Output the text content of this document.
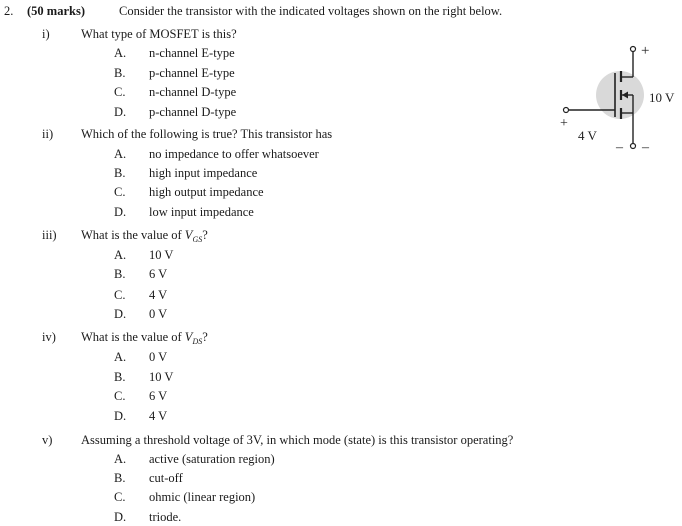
2. (50 marks)	Consider the transistor with the indicated voltages shown on the right below.
i)	What type of MOSFET is this?
A. n-channel E-type
B. p-channel E-type
C. n-channel D-type
D. p-channel D-type
ii) Which of the following is true? This transistor has
A. no impedance to offer whatsoever
B. high input impedance
C. high output impedance
D. low input impedance
iii) What is the value of $V_{GS}$?
A. 10 V
B. 6 V
C. 4 V
D. 0 V
iv) What is the value of $V_{DS}$?
A. 0 V
B. 10 V
C. 6 V
D. 4 V
v) Assuming a threshold voltage of 3V, in which mode (state) is this transistor operating?
A. active (saturation region)
B. cut-off
C. ohmic (linear region)
D. triode.
+
10 V
+
4 V
– –
